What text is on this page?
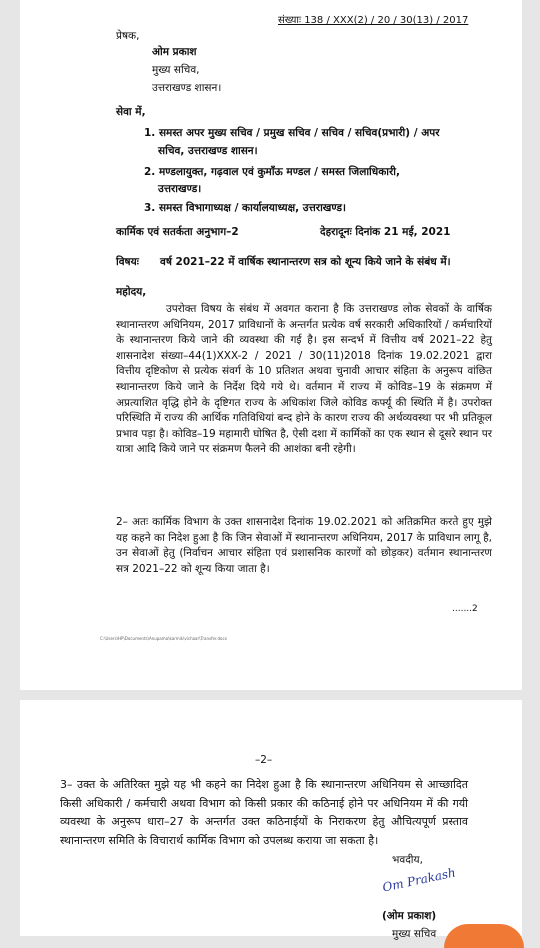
संख्याः 138 / XXX(2) / 20 / 30(13) / 2017
प्रेषक,
ओम प्रकाश
मुख्य सचिव,
उत्तराखण्ड शासन।
सेवा में,
1. समस्त अपर मुख्य सचिव / प्रमुख सचिव / सचिव / सचिव(प्रभारी) / अपर
सचिव, उत्तराखण्ड शासन।
2. मण्डलायुक्त, गढ़वाल एवं कुमाँऊ मण्डल / समस्त जिलाधिकारी,
उत्तराखण्ड।
3. समस्त विभागाध्यक्ष / कार्यालयाध्यक्ष, उत्तराखण्ड।
कार्मिक एवं सतर्कता अनुभाग–2	देहरादूनः दिनांक 21 मई, 2021
विषयः वर्ष 2021–22 में वार्षिक स्थानान्तरण सत्र को शून्य किये जाने के संबंध में।
महोदय,
उपरोक्त विषय के संबंध में अवगत कराना है कि उत्तराखण्ड लोक सेवकों के वार्षिक स्थानान्तरण अधिनियम, 2017 प्राविधानों के अन्तर्गत प्रत्येक वर्ष सरकारी अधिकारियों / कर्मचारियों के स्थानान्तरण किये जाने की व्यवस्था की गई है। इस सन्दर्भ में वित्तीय वर्ष 2021–22 हेतु शासनादेश संख्या–44(1)XXX-2 / 2021 / 30(11)2018 दिनांक 19.02.2021 द्वारा वित्तीय दृष्टिकोण से प्रत्येक संवर्ग के 10 प्रतिशत अथवा चुनावी आचार संहिता के अनुरूप वांछित स्थानान्तरण किये जाने के निर्देश दिये गये थे। वर्तमान में राज्य में कोविड–19 के संक्रमण में अप्रत्याशित वृद्धि होने के दृष्टिगत राज्य के अधिकांश जिले कोविड कर्फ्यू की स्थिति में है। उपरोक्त परिस्थिति में राज्य की आर्थिक गतिविधियां बन्द होने के कारण राज्य की अर्थव्यवस्था पर भी प्रतिकूल प्रभाव पड़ा है। कोविड–19 महामारी घोषित है, ऐसी दशा में कार्मिकों का एक स्थान से दूसरे स्थान पर यात्रा आदि किये जाने पर संक्रमण फैलने की आशंका बनी रहेगी।
2– अतः कार्मिक विभाग के उक्त शासनादेश दिनांक 19.02.2021 को अतिक्रमित करते हुए मुझे यह कहने का निदेश हुआ है कि जिन सेवाओं में स्थानान्तरण अधिनियम, 2017 के प्राविधान लागू है, उन सेवाओं हेतु (निर्वाचन आचार संहिता एवं प्रशासनिक कारणों को छोड़कर) वर्तमान स्थानान्तरण सत्र 2021–22 को शून्य किया जाता है।
.......2
C:\Users\HP\Documents\Anupama\karmik\vichaar\Transfer.docx
–2–
3– उक्त के अतिरिक्त मुझे यह भी कहने का निदेश हुआ है कि स्थानान्तरण अधिनियम से आच्छादित किसी अधिकारी / कर्मचारी अथवा विभाग को किसी प्रकार की कठिनाई होने पर अधिनियम में की गयी व्यवस्था के अनुरूप धारा–27 के अन्तर्गत उक्त कठिनाईयों के निराकरण हेतु औचित्यपूर्ण प्रस्ताव स्थानान्तरण समिति के विचारार्थ कार्मिक विभाग को उपलब्ध कराया जा सकता है।
भवदीय,
Om Prakash
(ओम प्रकाश)
मुख्य सचिव
